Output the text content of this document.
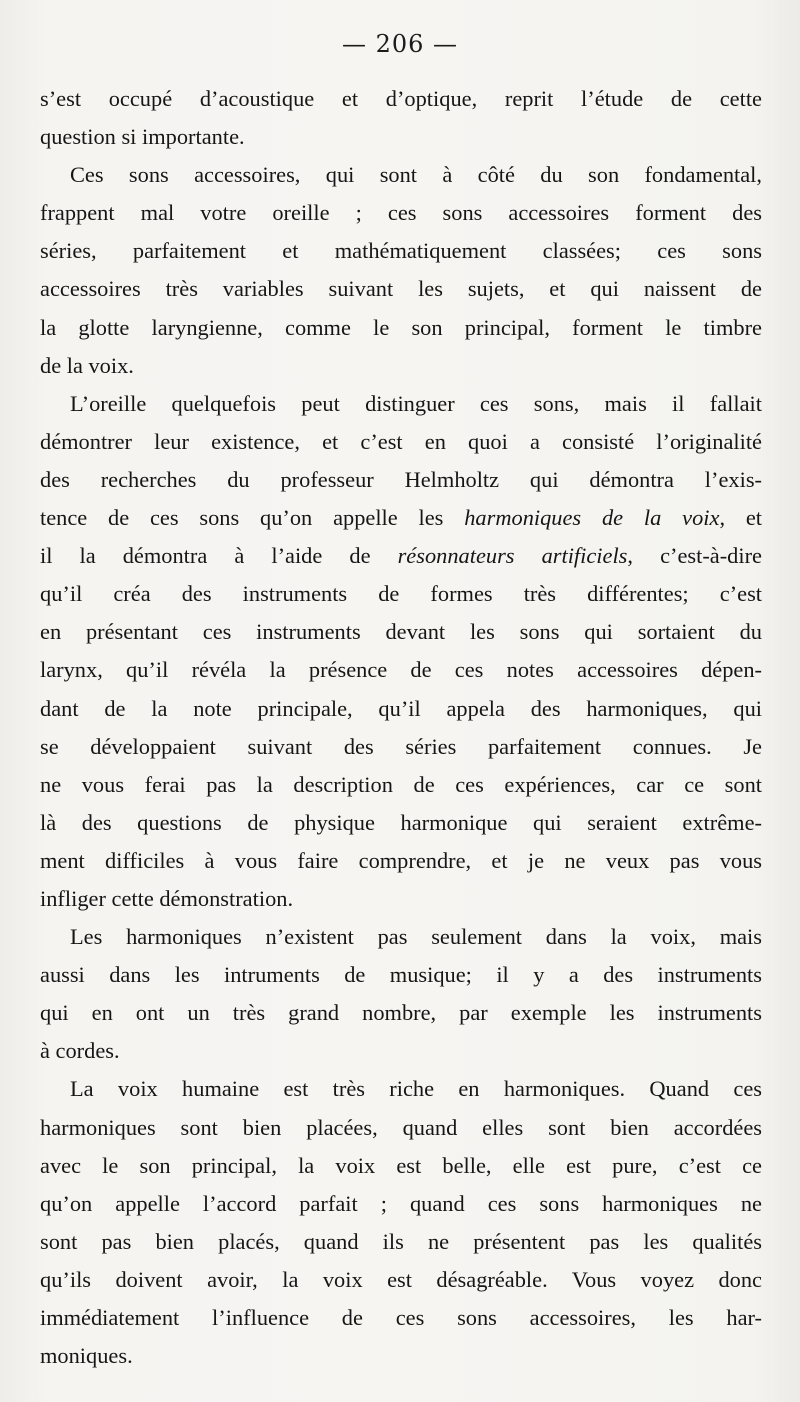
— 206 —
s’est occupé d’acoustique et d’optique, reprit l’étude de cette
question si importante.
Ces sons accessoires, qui sont à côté du son fondamental,
frappent mal votre oreille ; ces sons accessoires forment des
séries, parfaitement et mathématiquement classées; ces sons
accessoires très variables suivant les sujets, et qui naissent de
la glotte laryngienne, comme le son principal, forment le timbre
de la voix.
L’oreille quelquefois peut distinguer ces sons, mais il fallait
démontrer leur existence, et c’est en quoi a consisté l’originalité
des recherches du professeur Helmholtz qui démontra l’exis-
tence de ces sons qu’on appelle les harmoniques de la voix, et
il la démontra à l’aide de résonnateurs artificiels, c’est-à-dire
qu’il créa des instruments de formes très différentes; c’est
en présentant ces instruments devant les sons qui sortaient du
larynx, qu’il révéla la présence de ces notes accessoires dépen-
dant de la note principale, qu’il appela des harmoniques, qui
se développaient suivant des séries parfaitement connues. Je
ne vous ferai pas la description de ces expériences, car ce sont
là des questions de physique harmonique qui seraient extrême-
ment difficiles à vous faire comprendre, et je ne veux pas vous
infliger cette démonstration.
Les harmoniques n’existent pas seulement dans la voix, mais
aussi dans les intruments de musique; il y a des instruments
qui en ont un très grand nombre, par exemple les instruments
à cordes.
La voix humaine est très riche en harmoniques. Quand ces
harmoniques sont bien placées, quand elles sont bien accordées
avec le son principal, la voix est belle, elle est pure, c’est ce
qu’on appelle l’accord parfait ; quand ces sons harmoniques ne
sont pas bien placés, quand ils ne présentent pas les qualités
qu’ils doivent avoir, la voix est désagréable. Vous voyez donc
immédiatement l’influence de ces sons accessoires, les har-
moniques.
